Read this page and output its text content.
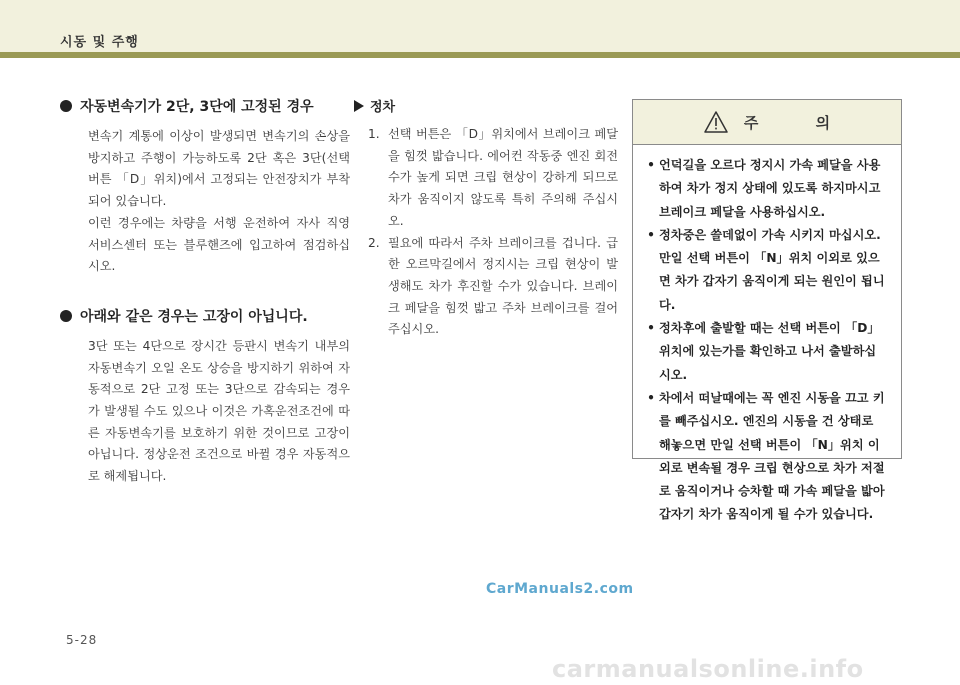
시동 및 주행
자동변속기가 2단, 3단에 고정된 경우
변속기 계통에 이상이 발생되면 변속기의 손상을 방지하고 주행이 가능하도록 2단 혹은 3단(선택버튼 「D」위치)에서 고정되는 안전장치가 부착되어 있습니다.
이런 경우에는 차량을 서행 운전하여 자사 직영 서비스센터 또는 블루핸즈에 입고하여 점검하십시오.
아래와 같은 경우는 고장이 아닙니다.
3단 또는 4단으로 장시간 등판시 변속기 내부의 자동변속기 오일 온도 상승을 방지하기 위하여 자동적으로 2단 고정 또는 3단으로 감속되는 경우가 발생될 수도 있으나 이것은 가혹운전조건에 따른 자동변속기를 보호하기 위한 것이므로 고장이 아닙니다. 정상운전 조건으로 바뀔 경우 자동적으로 해제됩니다.
정차
1. 선택 버튼은 「D」위치에서 브레이크 페달을 힘껏 밟습니다. 에어컨 작동중 엔진 회전수가 높게 되면 크립 현상이 강하게 되므로 차가 움직이지 않도록 특히 주의해 주십시오.
2. 필요에 따라서 주차 브레이크를 겁니다. 급한 오르막길에서 정지시는 크립 현상이 발생해도 차가 후진할 수가 있습니다. 브레이크 페달을 힘껏 밟고 주차 브레이크를 걸어 주십시오.
주 의
• 언덕길을 오르다 정지시 가속 페달을 사용하여 차가 정지 상태에 있도록 하지마시고 브레이크 페달을 사용하십시오.
• 정차중은 쓸데없이 가속 시키지 마십시오. 만일 선택 버튼이 「N」위치 이외로 있으면 차가 갑자기 움직이게 되는 원인이 됩니다.
• 정차후에 출발할 때는 선택 버튼이 「D」위치에 있는가를 확인하고 나서 출발하십시오.
• 차에서 떠날때에는 꼭 엔진 시동을 끄고 키를 빼주십시오. 엔진의 시동을 건 상태로 해놓으면 만일 선택 버튼이 「N」위치 이외로 변속될 경우 크립 현상으로 차가 저절로 움직이거나 승차할 때 가속 페달을 밟아 갑자기 차가 움직이게 될 수가 있습니다.
CarManuals2.com
5-28
carmanualsonline.info
